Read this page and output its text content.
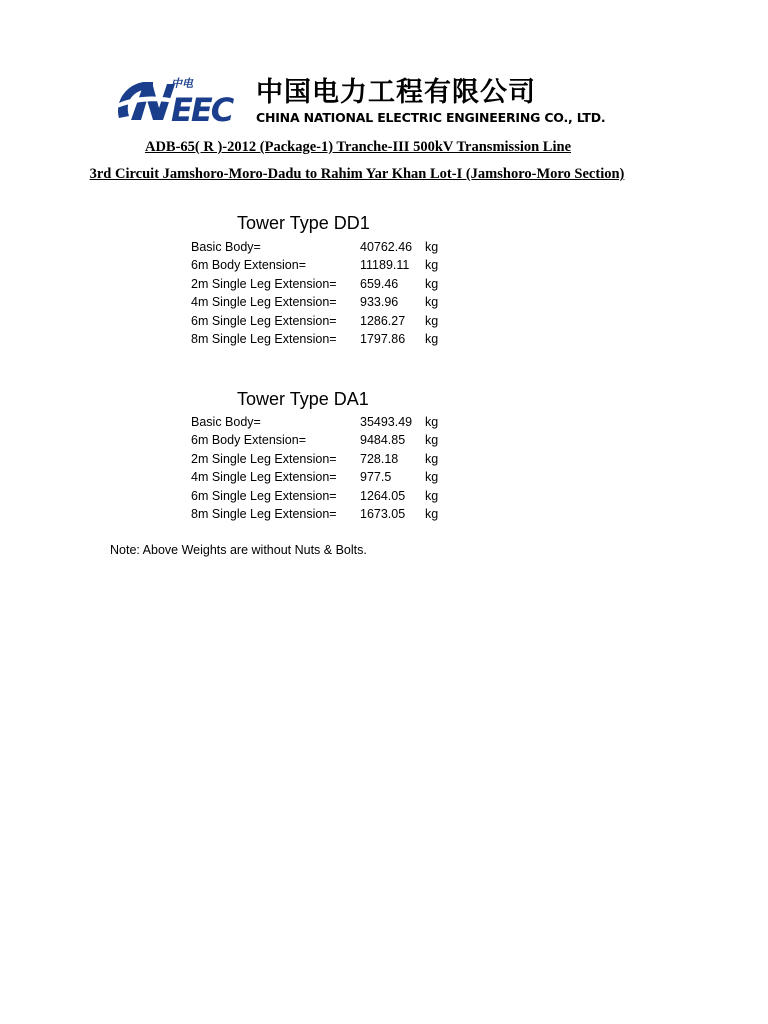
中电
EEC 中国电力工程有限公司
CHINA NATIONAL ELECTRIC ENGINEERING CO., LTD.
ADB-65( R )-2012 (Package-1) Tranche-III 500kV Transmission Line
3rd Circuit Jamshoro-Moro-Dadu to Rahim Yar Khan Lot-I (Jamshoro-Moro Section)
Tower Type DD1
Basic Body=	40762.46	kg
6m Body Extension=	11189.11	kg
2m Single Leg Extension=	659.46	kg
4m Single Leg Extension=	933.96	kg
6m Single Leg Extension=	1286.27	kg
8m Single Leg Extension=	1797.86	kg
Tower Type DA1
Basic Body=	35493.49	kg
6m Body Extension=	9484.85	kg
2m Single Leg Extension=	728.18	kg
4m Single Leg Extension=	977.5	kg
6m Single Leg Extension=	1264.05	kg
8m Single Leg Extension=	1673.05	kg
Note: Above Weights are without Nuts & Bolts.
